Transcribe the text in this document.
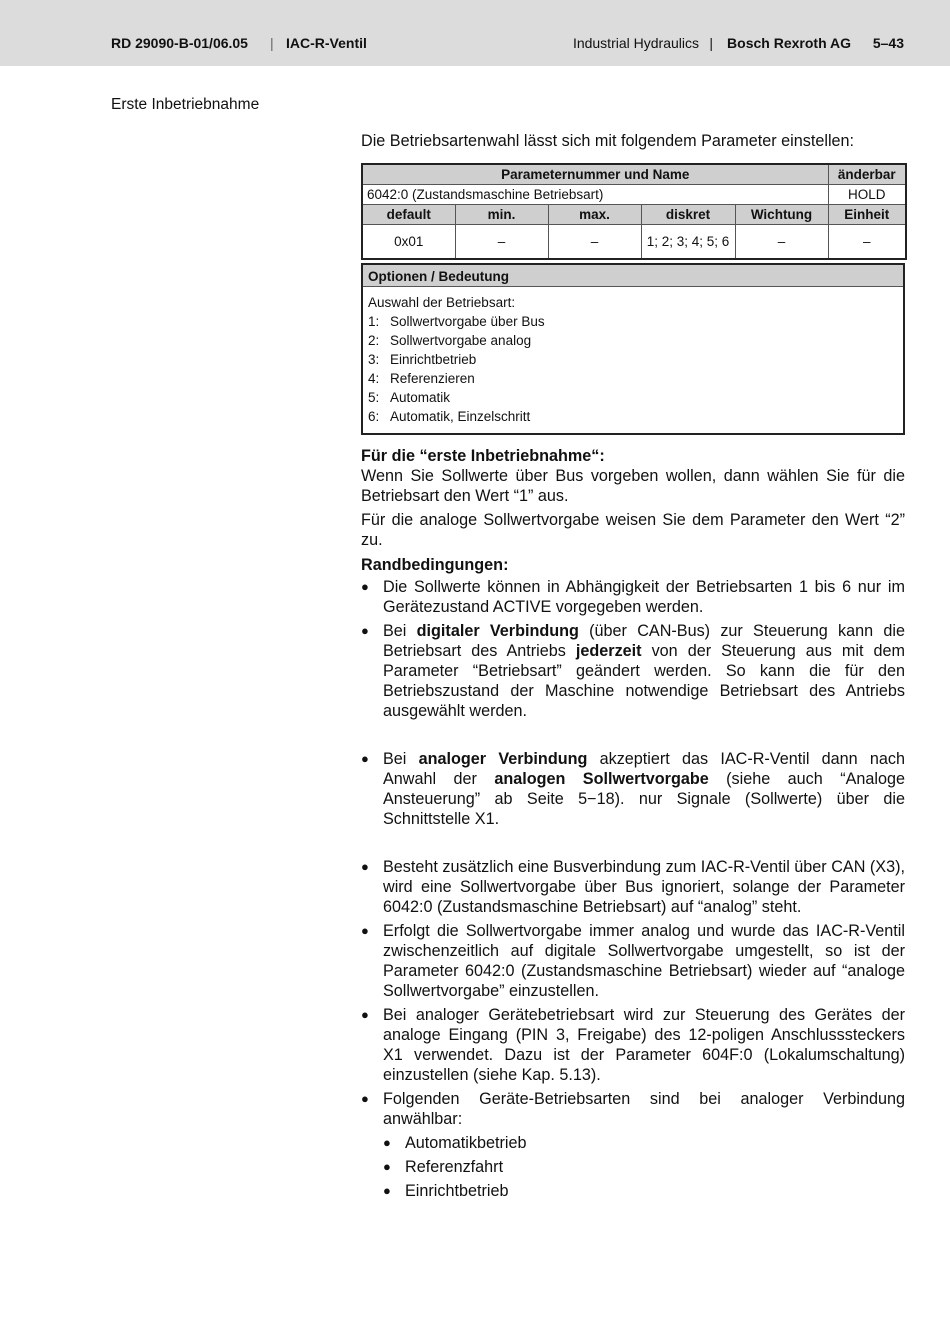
RD 29090-B-01/06.05 | IAC-R-Ventil	Industrial Hydraulics | Bosch Rexroth AG 5–43
Erste Inbetriebnahme

Die Betriebsartenwahl lässt sich mit folgendem Parameter einstellen:

Parameternummer und Name					änderbar
6042:0 (Zustandsmaschine Betriebsart)					HOLD
default	min.	max.	diskret	Wichtung	Einheit
0x01	–	–	1; 2; 3; 4; 5; 6	–	–
Optionen / Bedeutung
Auswahl der Betriebsart:
1: Sollwertvorgabe über Bus
2: Sollwertvorgabe analog
3: Einrichtbetrieb
4: Referenzieren
5: Automatik
6: Automatik, Einzelschritt
Für die “erste Inbetriebnahme“:

Wenn Sie Sollwerte über Bus vorgeben wollen, dann wählen Sie für die Betriebsart den Wert “1” aus.

Für die analoge Sollwertvorgabe weisen Sie dem Parameter den Wert “2” zu.

Randbedingungen:
● Die Sollwerte können in Abhängigkeit der Betriebsarten 1 bis 6 nur im Gerätezustand ACTIVE vorgegeben werden.
● Bei digitaler Verbindung (über CAN-Bus) zur Steuerung kann die Betriebsart des Antriebs jederzeit von der Steuerung aus mit dem Parameter “Betriebsart” geändert werden. So kann die für den Betriebszustand der Maschine notwendige Betriebsart des Antriebs ausgewählt werden.
● Bei analoger Verbindung akzeptiert das IAC-R-Ventil dann nach Anwahl der analogen Sollwertvorgabe (siehe auch “Analoge Ansteuerung” ab Seite 5−18). nur Signale (Sollwerte) über die Schnittstelle X1.
● Besteht zusätzlich eine Busverbindung zum IAC-R-Ventil über CAN (X3), wird eine Sollwertvorgabe über Bus ignoriert, solange der Parameter 6042:0 (Zustandsmaschine Betriebsart) auf “analog” steht.
● Erfolgt die Sollwertvorgabe immer analog und wurde das IAC-R-Ventil zwischenzeitlich auf digitale Sollwertvorgabe umgestellt, so ist der Parameter 6042:0 (Zustandsmaschine Betriebsart) wieder auf “analoge Sollwertvorgabe” einzustellen.
● Bei analoger Gerätebetriebsart wird zur Steuerung des Gerätes der analoge Eingang (PIN 3, Freigabe) des 12-poligen Anschlusssteckers X1 verwendet. Dazu ist der Parameter 604F:0 (Lokalumschaltung) einzustellen (siehe Kap. 5.13).
● Folgenden Geräte-Betriebsarten sind bei analoger Verbindung anwählbar:
● Automatikbetrieb
● Referenzfahrt
● Einrichtbetrieb
